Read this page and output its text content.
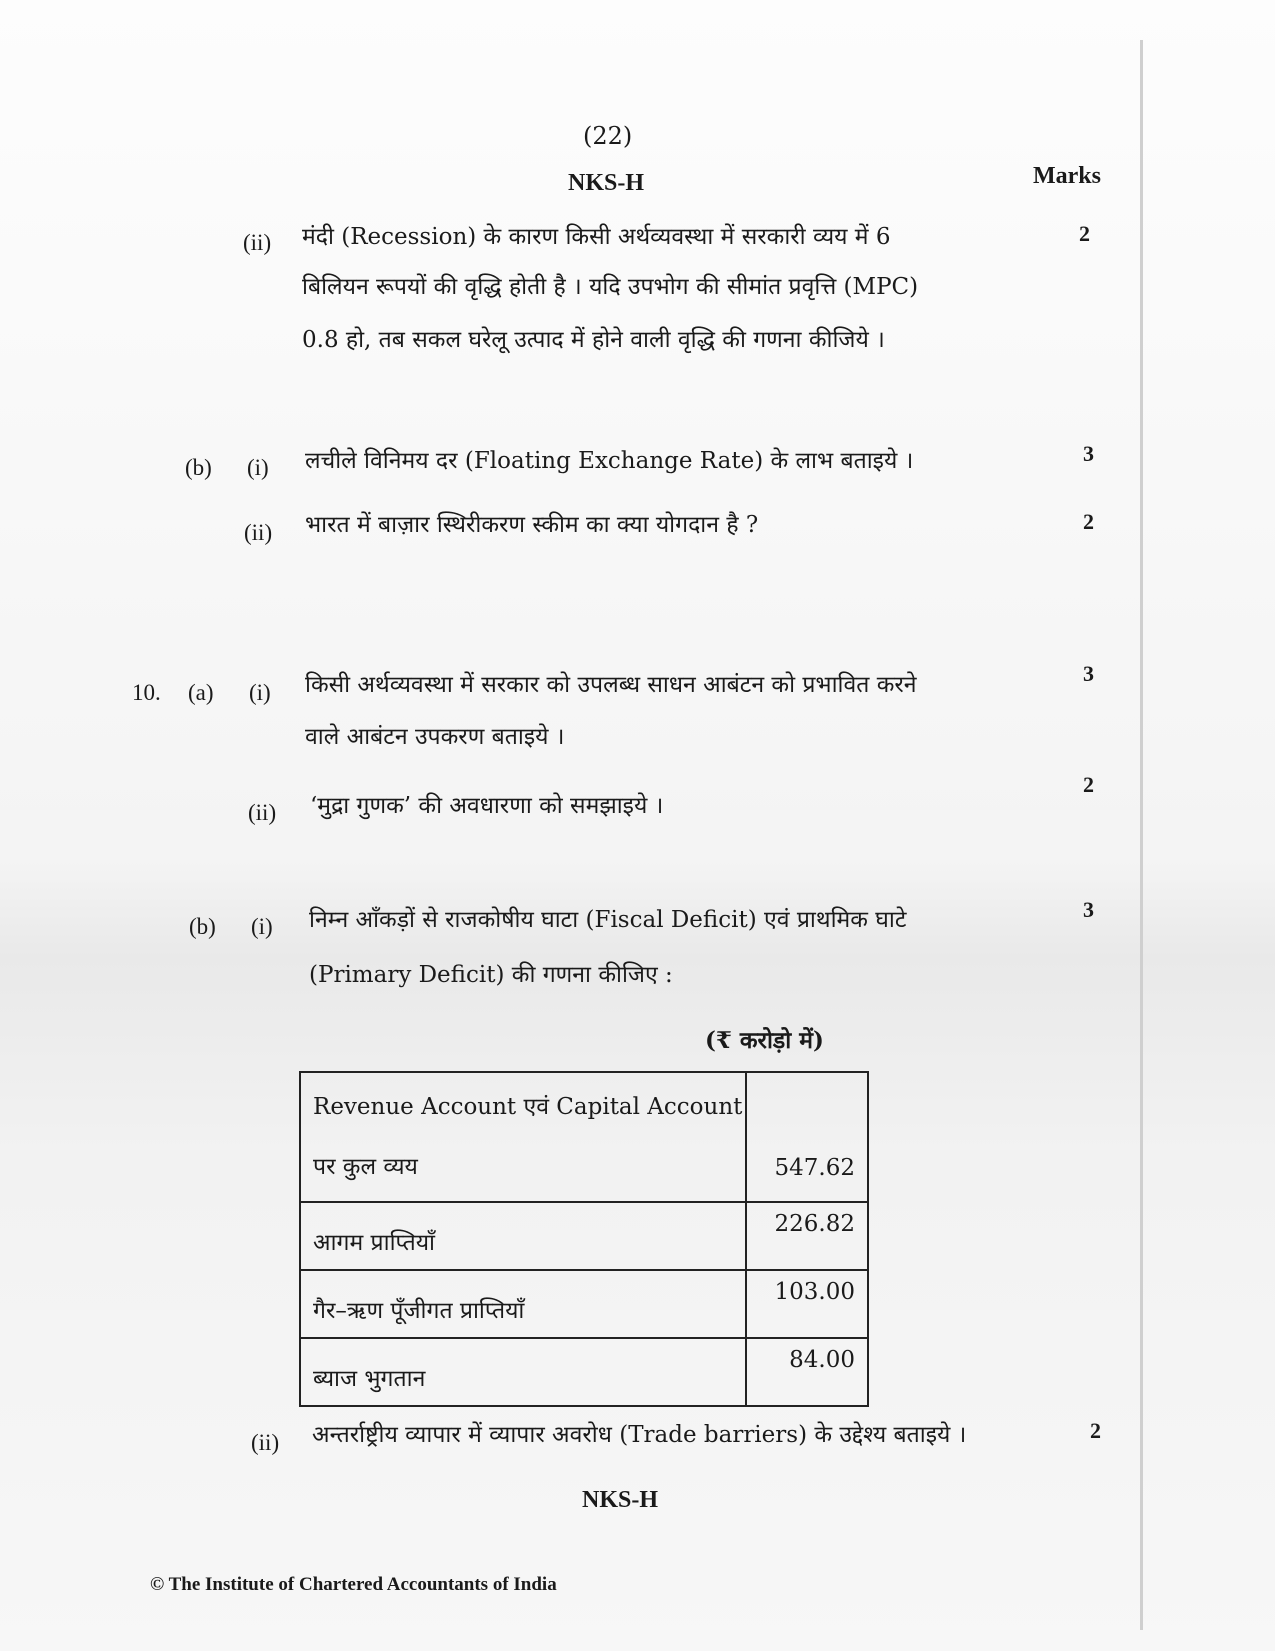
(22)
NKS-H	Marks
(ii) मंदी (Recession) के कारण किसी अर्थव्यवस्था में सरकारी व्यय में 6
बिलियन रूपयों की वृद्धि होती है । यदि उपभोग की सीमांत प्रवृत्ति (MPC)
0.8 हो, तब सकल घरेलू उत्पाद में होने वाली वृद्धि की गणना कीजिये ।
2
(b) (i) लचीले विनिमय दर (Floating Exchange Rate) के लाभ बताइये ।	3
(ii) भारत में बाज़ार स्थिरीकरण स्कीम का क्या योगदान है ?	2
10. (a) (i) किसी अर्थव्यवस्था में सरकार को उपलब्ध साधन आबंटन को प्रभावित करने
वाले आबंटन उपकरण बताइये ।
3
(ii) ‘मुद्रा गुणक’ की अवधारणा को समझाइये ।
2
(b) (i) निम्न आँकड़ों से राजकोषीय घाटा (Fiscal Deficit) एवं प्राथमिक घाटे
(Primary Deficit) की गणना कीजिए :
3
(₹ करोड़ो में)
Revenue Account एवं Capital Account
पर कुल व्यय	547.62

आगम प्राप्तियाँ	226.82

गैर–ऋण पूँजीगत प्राप्तियाँ	103.00

ब्याज भुगतान	84.00
(ii) अन्तर्राष्ट्रीय व्यापार में व्यापार अवरोध (Trade barriers) के उद्देश्य बताइये ।	2
NKS-H
© The Institute of Chartered Accountants of India
